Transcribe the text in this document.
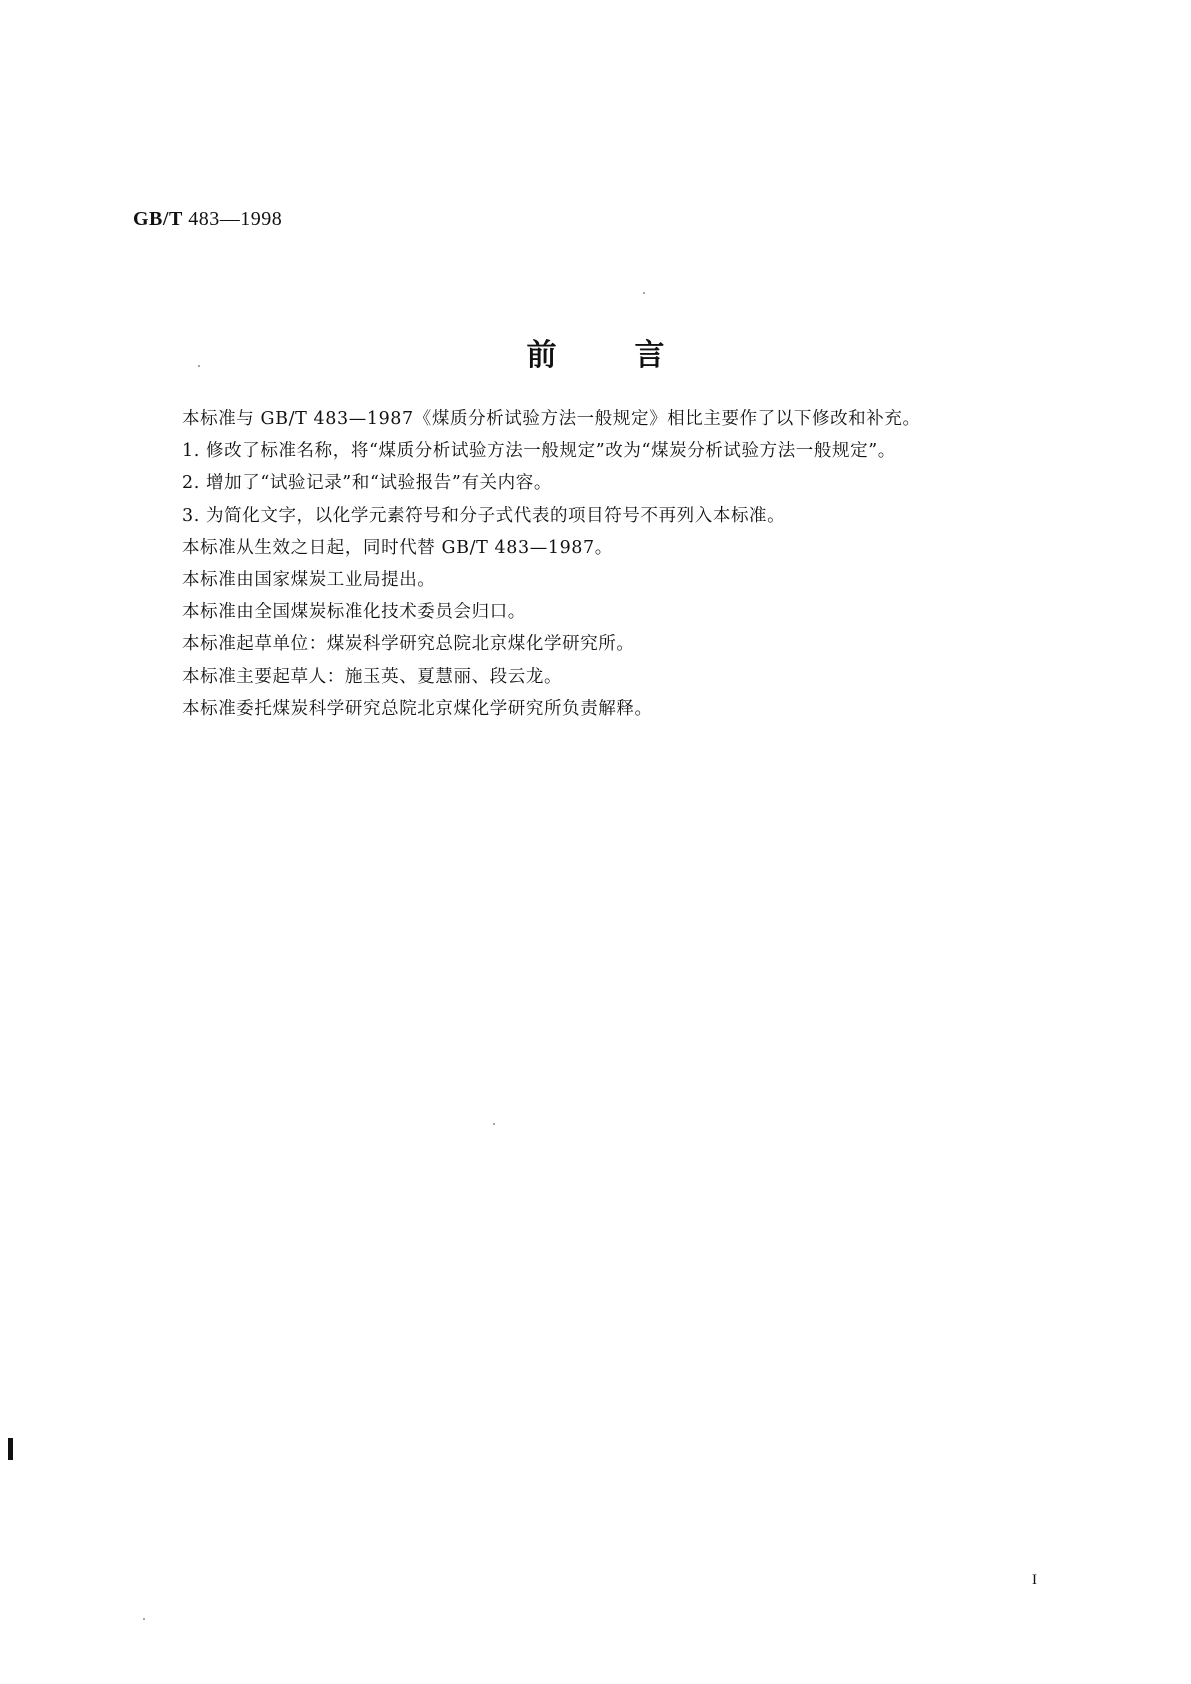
GB/T 483—1998
前言
本标准与 GB/T 483—1987《煤质分析试验方法一般规定》相比主要作了以下修改和补充。
1. 修改了标准名称，将“煤质分析试验方法一般规定”改为“煤炭分析试验方法一般规定”。
2. 增加了“试验记录”和“试验报告”有关内容。
3. 为简化文字，以化学元素符号和分子式代表的项目符号不再列入本标准。
本标准从生效之日起，同时代替 GB/T 483—1987。
本标准由国家煤炭工业局提出。
本标准由全国煤炭标准化技术委员会归口。
本标准起草单位：煤炭科学研究总院北京煤化学研究所。
本标准主要起草人：施玉英、夏慧丽、段云龙。
本标准委托煤炭科学研究总院北京煤化学研究所负责解释。
I
